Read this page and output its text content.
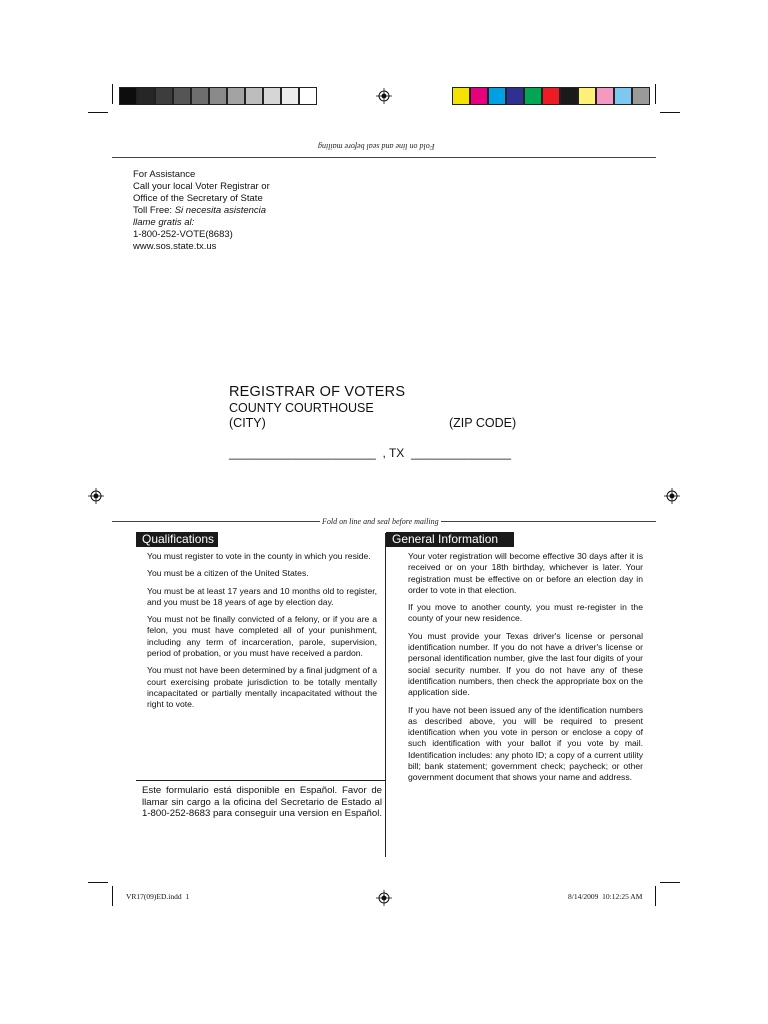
Fold on line and seal before mailing
For Assistance
Call your local Voter Registrar or
Office of the Secretary of State
Toll Free: Si necesita asistencia
llame gratis al:
1-800-252-VOTE(8683)
www.sos.state.tx.us
REGISTRAR OF VOTERS
COUNTY COURTHOUSE
(CITY)	(ZIP CODE)
______________________  , TX  _______________
Fold on line and seal before mailing
Qualifications

You must register to vote in the county in which you reside.

You must be a citizen of the United States.

You must be at least 17 years and 10 months old to register, and you must be 18 years of age by election day.

You must not be finally convicted of a felony, or if you are a felon, you must have completed all of your punishment, including any term of incarceration, parole, supervision, period of probation, or you must have received a pardon.

You must not have been determined by a final judgment of a court exercising probate jurisdiction to be totally mentally incapacitated or partially mentally incapacitated without the right to vote.

Este formulario está disponible en Español. Favor de llamar sin cargo a la oficina del Secretario de Estado al 1-800-252-8683 para conseguir una version en Español.
General Information

Your voter registration will become effective 30 days after it is received or on your 18th birthday, whichever is later. Your registration must be effective on or before an election day in order to vote in that election.

If you move to another county, you must re-register in the county of your new residence.

You must provide your Texas driver's license or personal identification number. If you do not have a driver's license or personal identification number, give the last four digits of your social security number. If you do not have any of these identification numbers, then check the appropriate box on the application side.

If you have not been issued any of the identification numbers as described above, you will be required to present identification when you vote in person or enclose a copy of such identification with your ballot if you vote by mail. Identification includes: any photo ID; a copy of a current utility bill; bank statement; government check; paycheck; or other government document that shows your name and address.

VR17(09)ED.indd  1	8/14/2009  10:12:25 AM
